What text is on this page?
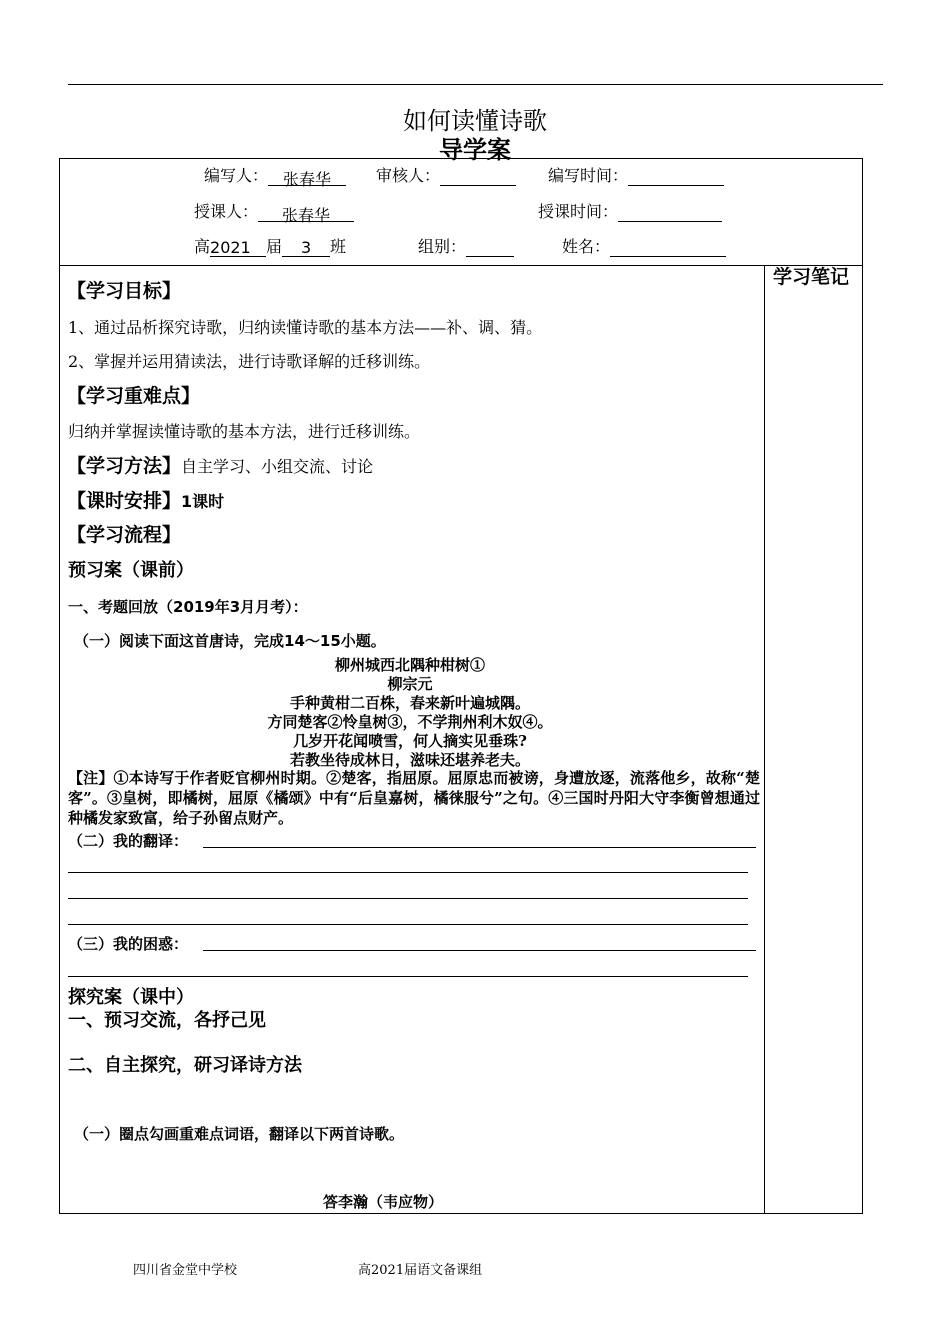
如何读懂诗歌
导学案
编写人： 张春华	审核人：	编写时间：
授课人： 张春华	授课时间：
高2021 届 3 班	组别：	姓名：
学习笔记
【学习目标】
1、通过品析探究诗歌，归纳读懂诗歌的基本方法——补、调、猜。
2、掌握并运用猜读法，进行诗歌译解的迁移训练。
【学习重难点】
归纳并掌握读懂诗歌的基本方法，进行迁移训练。
【学习方法】自主学习、小组交流、讨论
【课时安排】1课时
【学习流程】
预习案（课前）
一、考题回放（2019年3月月考）：
（一）阅读下面这首唐诗，完成14～15小题。
柳州城西北隅种柑树①
柳宗元
手种黄柑二百株，春来新叶遍城隅。
方同楚客②怜皇树③，不学荆州利木奴④。
几岁开花闻喷雪，何人摘实见垂珠?
若教坐待成林日，滋味还堪养老夫。
【注】①本诗写于作者贬官柳州时期。②楚客，指屈原。屈原忠而被谤，身遭放逐，流落他乡，故称“楚客”。③皇树，即橘树，屈原《橘颂》中有“后皇嘉树，橘徕服兮”之句。④三国时丹阳大守李衡曾想通过种橘发家致富，给子孙留点财产。
（二）我的翻译：
（三）我的困惑：
探究案（课中）
一、预习交流，各抒己见
二、自主探究，研习译诗方法
（一）圈点勾画重难点词语，翻译以下两首诗歌。
答李瀚（韦应物）
四川省金堂中学校	高2021届语文备课组
